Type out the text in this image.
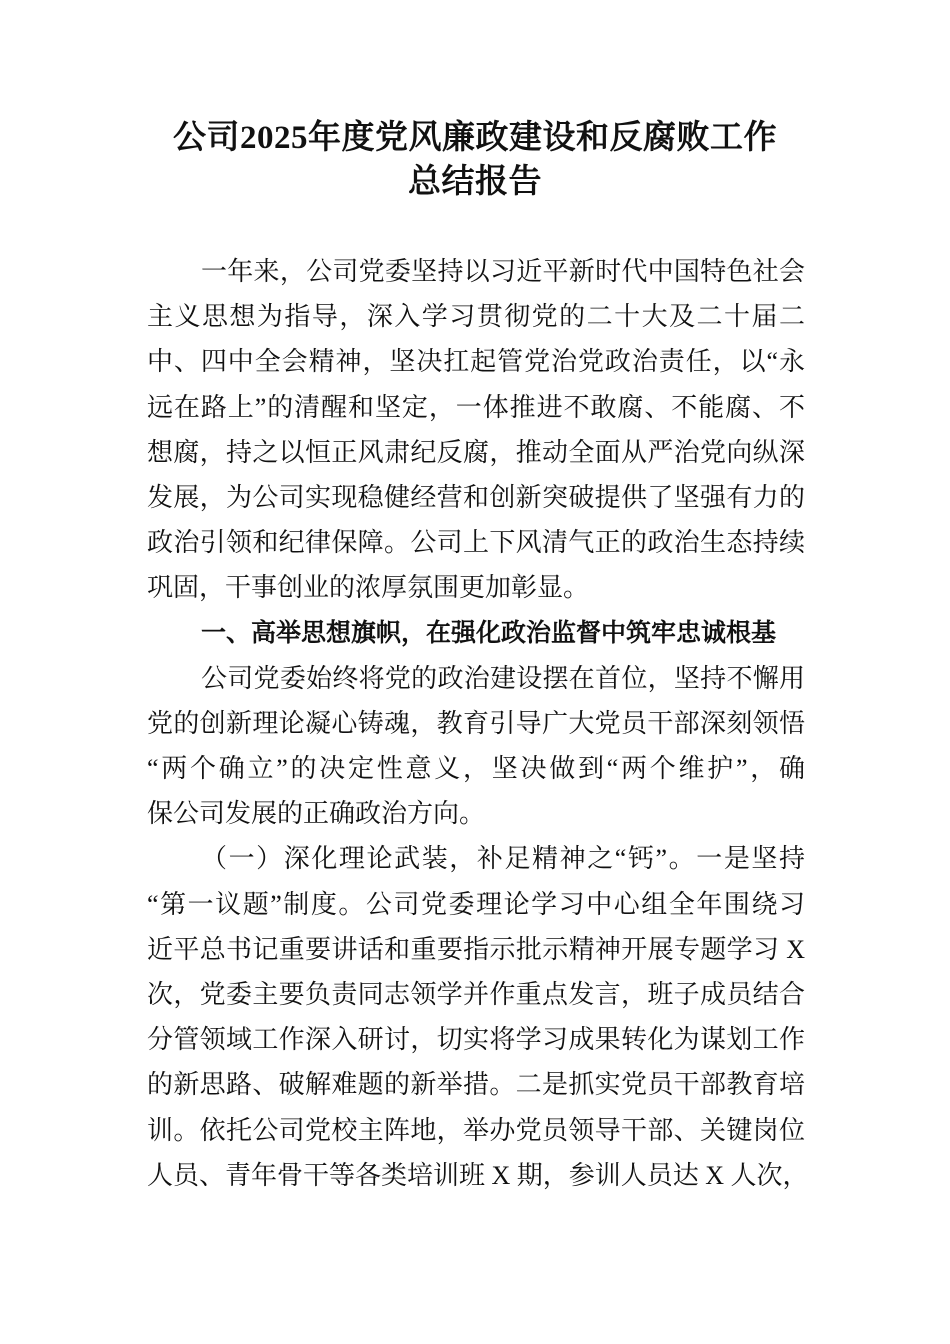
公司2025年度党风廉政建设和反腐败工作
总结报告
一年来，公司党委坚持以习近平新时代中国特色社会
主义思想为指导，深入学习贯彻党的二十大及二十届二
中、四中全会精神，坚决扛起管党治党政治责任，以“永
远在路上”的清醒和坚定，一体推进不敢腐、不能腐、不
想腐，持之以恒正风肃纪反腐，推动全面从严治党向纵深
发展，为公司实现稳健经营和创新突破提供了坚强有力的
政治引领和纪律保障。公司上下风清气正的政治生态持续
巩固，干事创业的浓厚氛围更加彰显。
一、高举思想旗帜，在强化政治监督中筑牢忠诚根基
公司党委始终将党的政治建设摆在首位，坚持不懈用
党的创新理论凝心铸魂，教育引导广大党员干部深刻领悟
“两个确立”的决定性意义，坚决做到“两个维护”，确
保公司发展的正确政治方向。
（一）深化理论武装，补足精神之“钙”。一是坚持
“第一议题”制度。公司党委理论学习中心组全年围绕习
近平总书记重要讲话和重要指示批示精神开展专题学习 X
次，党委主要负责同志领学并作重点发言，班子成员结合
分管领域工作深入研讨，切实将学习成果转化为谋划工作
的新思路、破解难题的新举措。二是抓实党员干部教育培
训。依托公司党校主阵地，举办党员领导干部、关键岗位
人员、青年骨干等各类培训班 X 期，参训人员达 X 人次，
